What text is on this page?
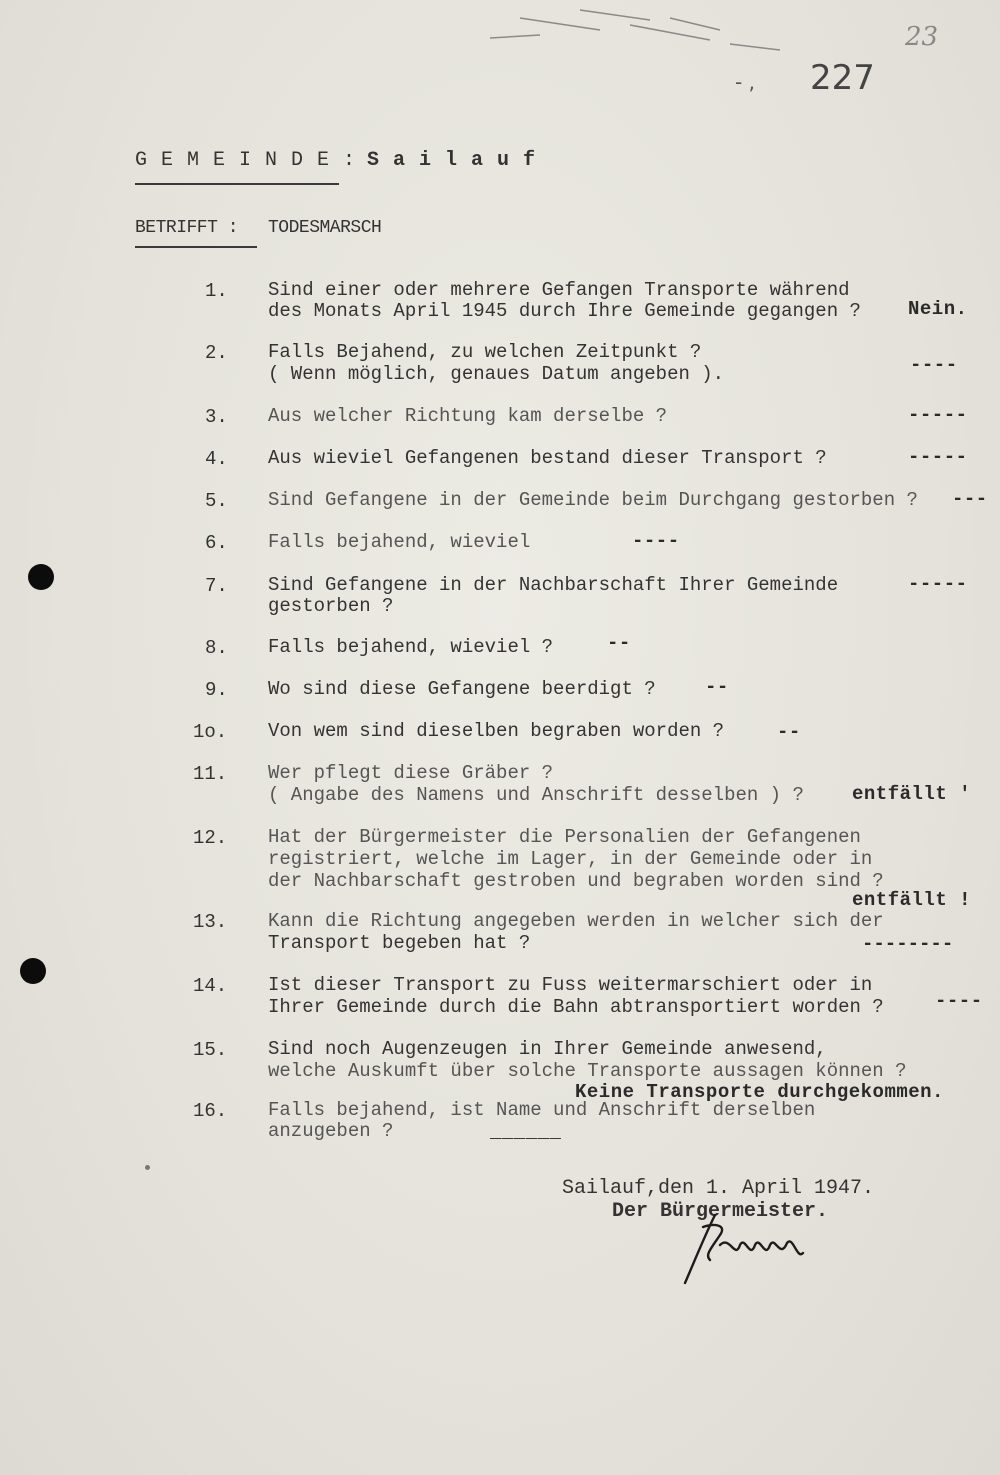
23
- , 227
G E M E I N D E : S a i l a u f
BETRIFFT : TODESMARSCH
1. Sind einer oder mehrere Gefangen Transporte während
des Monats April 1945 durch Ihre Gemeinde gegangen ? Nein.
2. Falls Bejahend, zu welchen Zeitpunkt ?
( Wenn möglich, genaues Datum angeben ).	----
3. Aus welcher Richtung kam derselbe ?	-----
4. Aus wieviel Gefangenen bestand dieser Transport ?	-----
5. Sind Gefangene in der Gemeinde beim Durchgang gestorben ? ---
6. Falls bejahend, wieviel	----
7. Sind Gefangene in der Nachbarschaft Ihrer Gemeinde
gestorben ?
-----
8. Falls bejahend, wieviel ?	--
9. Wo sind diese Gefangene beerdigt ?	--
1o. Von wem sind dieselben begraben worden ?	--
11. Wer pflegt diese Gräber ?
( Angabe des Namens und Anschrift desselben ) ?	entfällt '
12. Hat der Bürgermeister die Personalien der Gefangenen
registriert, welche im Lager, in der Gemeinde oder in
der Nachbarschaft gestroben und begraben worden sind ?
entfällt !
13. Kann die Richtung angegeben werden in welcher sich der
Transport begeben hat ?	--------
14. Ist dieser Transport zu Fuss weitermarschiert oder in
Ihrer Gemeinde durch die Bahn abtransportiert worden ?	----
15. Sind noch Augenzeugen in Ihrer Gemeinde anwesend,
welche Auskumft über solche Transporte aussagen können ?
Keine Transporte durchgekommen.
16. Falls bejahend, ist Name und Anschrift derselben
anzugeben ?	______
Sailauf,den 1. April 1947.
Der Bürgermeister.
